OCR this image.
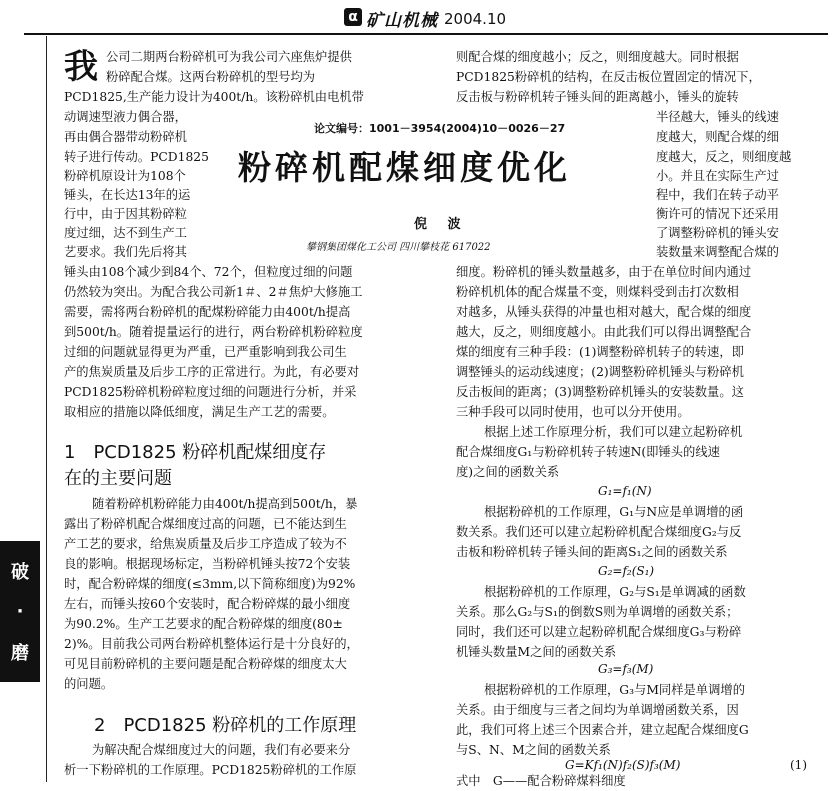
α 矿山机械 2004.10
破
·
磨
我 公司二期两台粉碎机可为我公司六座焦炉提供

粉碎配合煤。这两台粉碎机的型号均为

PCD1825,生产能力设计为400t/h。该粉碎机由电机带

动调速型液力偶合器，

再由偶合器带动粉碎机

转子进行传动。PCD1825

粉碎机原设计为108个

锤头，在长达13年的运

行中，由于因其粉碎粒

度过细，达不到生产工

艺要求。我们先后将其

论文编号：1001－3954(2004)10－0026－27
粉碎机配煤细度优化
倪 波
攀钢集团煤化工公司 四川攀枝花 617022

锤头由108个减少到84个、72个，但粒度过细的问题

仍然较为突出。为配合我公司新1＃、2＃焦炉大修施工

需要，需将两台粉碎机的配煤粉碎能力由400t/h提高

到500t/h。随着提量运行的进行，两台粉碎机粉碎粒度

过细的问题就显得更为严重，已严重影响到我公司生

产的焦炭质量及后步工序的正常进行。为此，有必要对

PCD1825粉碎机粉碎粒度过细的问题进行分析，并采

取相应的措施以降低细度，满足生产工艺的需要。

1　PCD1825 粉碎机配煤细度存
在的主要问题

随着粉碎机粉碎能力由400t/h提高到500t/h，暴

露出了粉碎机配合煤细度过高的问题，已不能达到生

产工艺的要求，给焦炭质量及后步工序造成了较为不

良的影响。根据现场标定，当粉碎机锤头按72个安装

时，配合粉碎煤的细度(≤3mm,以下简称细度)为92%

左右，而锤头按60个安装时，配合粉碎煤的最小细度

为90.2%。生产工艺要求的配合粉碎煤的细度(80±

2)%。目前我公司两台粉碎机整体运行是十分良好的，

可见目前粉碎机的主要问题是配合粉碎煤的细度太大

的问题。

2　PCD1825 粉碎机的工作原理

为解决配合煤细度过大的问题，我们有必要来分

析一下粉碎机的工作原理。PCD1825粉碎机的工作原

则配合煤的细度越小；反之，则细度越大。同时根据

PCD1825粉碎机的结构，在反击板位置固定的情况下，

反击板与粉碎机转子锤头间的距离越小，锤头的旋转

半径越大，锤头的线速

度越大，则配合煤的细

度越大，反之，则细度越

小。并且在实际生产过

程中，我们在转子动平

衡许可的情况下还采用

了调整粉碎机的锤头安

装数量来调整配合煤的

细度。粉碎机的锤头数量越多，由于在单位时间内通过

粉碎机机体的配合煤量不变，则煤料受到击打次数相

对越多，从锤头获得的冲量也相对越大，配合煤的细度

越大，反之，则细度越小。由此我们可以得出调整配合

煤的细度有三种手段：(1)调整粉碎机转子的转速，即

调整锤头的运动线速度；(2)调整粉碎机锤头与粉碎机

反击板间的距离；(3)调整粉碎机锤头的安装数量。这

三种手段可以同时使用，也可以分开使用。

根据上述工作原理分析，我们可以建立起粉碎机

配合煤细度G₁与粉碎机转子转速N(即锤头的线速

度)之间的函数关系

G₁=f₁(N)

根据粉碎机的工作原理，G₁与N应是单调增的函

数关系。我们还可以建立起粉碎机配合煤细度G₂与反

击板和粉碎机转子锤头间的距离S₁之间的函数关系

G₂=f₂(S₁)

根据粉碎机的工作原理，G₂与S₁是单调减的函数

关系。那么G₂与S₁的倒数S则为单调增的函数关系；

同时，我们还可以建立起粉碎机配合煤细度G₃与粉碎

机锤头数量M之间的函数关系

G₃=f₃(M)

根据粉碎机的工作原理，G₃与M同样是单调增的

关系。由于细度与三者之间均为单调增函数关系，因

此，我们可将上述三个因素合并，建立起配合煤细度G

与S、N、M之间的函数关系

G=Kf₁(N)f₂(S)f₃(M)	(1)

式中　G——配合粉碎煤料细度
